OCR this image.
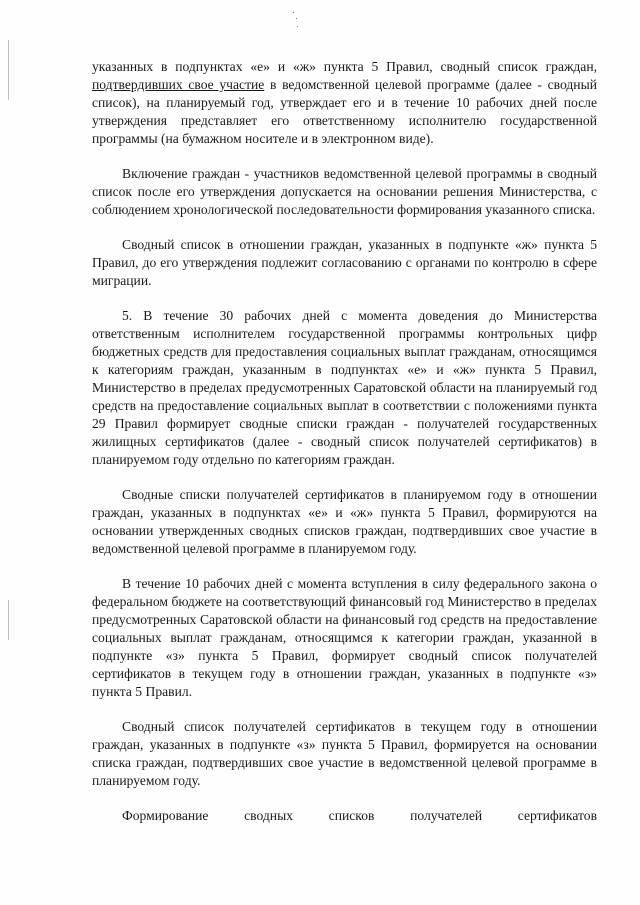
указанных в подпунктах «е» и «ж» пункта 5 Правил, сводный список граждан, подтвердивших свое участие в ведомственной целевой программе (далее - сводный список), на планируемый год, утверждает его и в течение 10 рабочих дней после утверждения представляет его ответственному исполнителю государственной программы (на бумажном носителе и в электронном виде).

Включение граждан - участников ведомственной целевой программы в сводный список после его утверждения допускается на основании решения Министерства, с соблюдением хронологической последовательности формирования указанного списка.

Сводный список в отношении граждан, указанных в подпункте «ж» пункта 5 Правил, до его утверждения подлежит согласованию с органами по контролю в сфере миграции.

5. В течение 30 рабочих дней с момента доведения до Министерства ответственным исполнителем государственной программы контрольных цифр бюджетных средств для предоставления социальных выплат гражданам, относящимся к категориям граждан, указанным в подпунктах «е» и «ж» пункта 5 Правил, Министерство в пределах предусмотренных Саратовской области на планируемый год средств на предоставление социальных выплат в соответствии с положениями пункта 29 Правил формирует сводные списки граждан - получателей государственных жилищных сертификатов (далее - сводный список получателей сертификатов) в планируемом году отдельно по категориям граждан.

Сводные списки получателей сертификатов в планируемом году в отношении граждан, указанных в подпунктах «е» и «ж» пункта 5 Правил, формируются на основании утвержденных сводных списков граждан, подтвердивших свое участие в ведомственной целевой программе в планируемом году.

В течение 10 рабочих дней с момента вступления в силу федерального закона о федеральном бюджете на соответствующий финансовый год Министерство в пределах предусмотренных Саратовской области на финансовый год средств на предоставление социальных выплат гражданам, относящимся к категории граждан, указанной в подпункте «з» пункта 5 Правил, формирует сводный список получателей сертификатов в текущем году в отношении граждан, указанных в подпункте «з» пункта 5 Правил.

Сводный список получателей сертификатов в текущем году в отношении граждан, указанных в подпункте «з» пункта 5 Правил, формируется на основании списка граждан, подтвердивших свое участие в ведомственной целевой программе в планируемом году.

Формирование сводных списков получателей сертификатов
